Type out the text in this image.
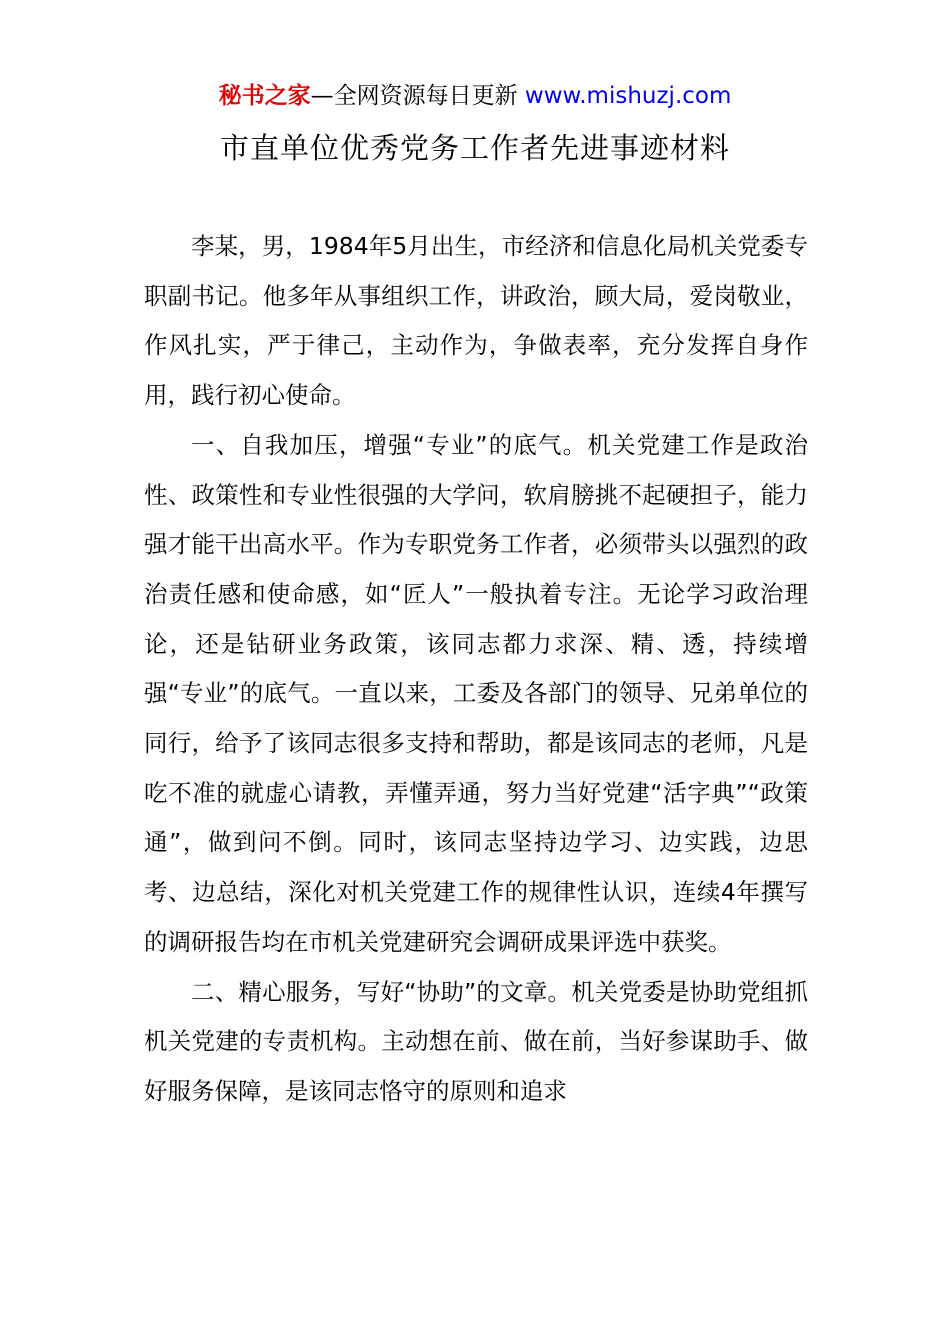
秘书之家—全网资源每日更新 www.mishuzj.com
市直单位优秀党务工作者先进事迹材料

李某，男，1984年5月出生，市经济和信息化局机关党委专职副书记。他多年从事组织工作，讲政治，顾大局，爱岗敬业，作风扎实，严于律己，主动作为，争做表率，充分发挥自身作用，践行初心使命。

一、自我加压，增强“专业”的底气。机关党建工作是政治性、政策性和专业性很强的大学问，软肩膀挑不起硬担子，能力强才能干出高水平。作为专职党务工作者，必须带头以强烈的政治责任感和使命感，如“匠人”一般执着专注。无论学习政治理论，还是钻研业务政策，该同志都力求深、精、透，持续增强“专业”的底气。一直以来，工委及各部门的领导、兄弟单位的同行，给予了该同志很多支持和帮助，都是该同志的老师，凡是吃不准的就虚心请教，弄懂弄通，努力当好党建“活字典”“政策通”，做到问不倒。同时，该同志坚持边学习、边实践，边思考、边总结，深化对机关党建工作的规律性认识，连续4年撰写的调研报告均在市机关党建研究会调研成果评选中获奖。

二、精心服务，写好“协助”的文章。机关党委是协助党组抓机关党建的专责机构。主动想在前、做在前，当好参谋助手、做好服务保障，是该同志恪守的原则和追求
